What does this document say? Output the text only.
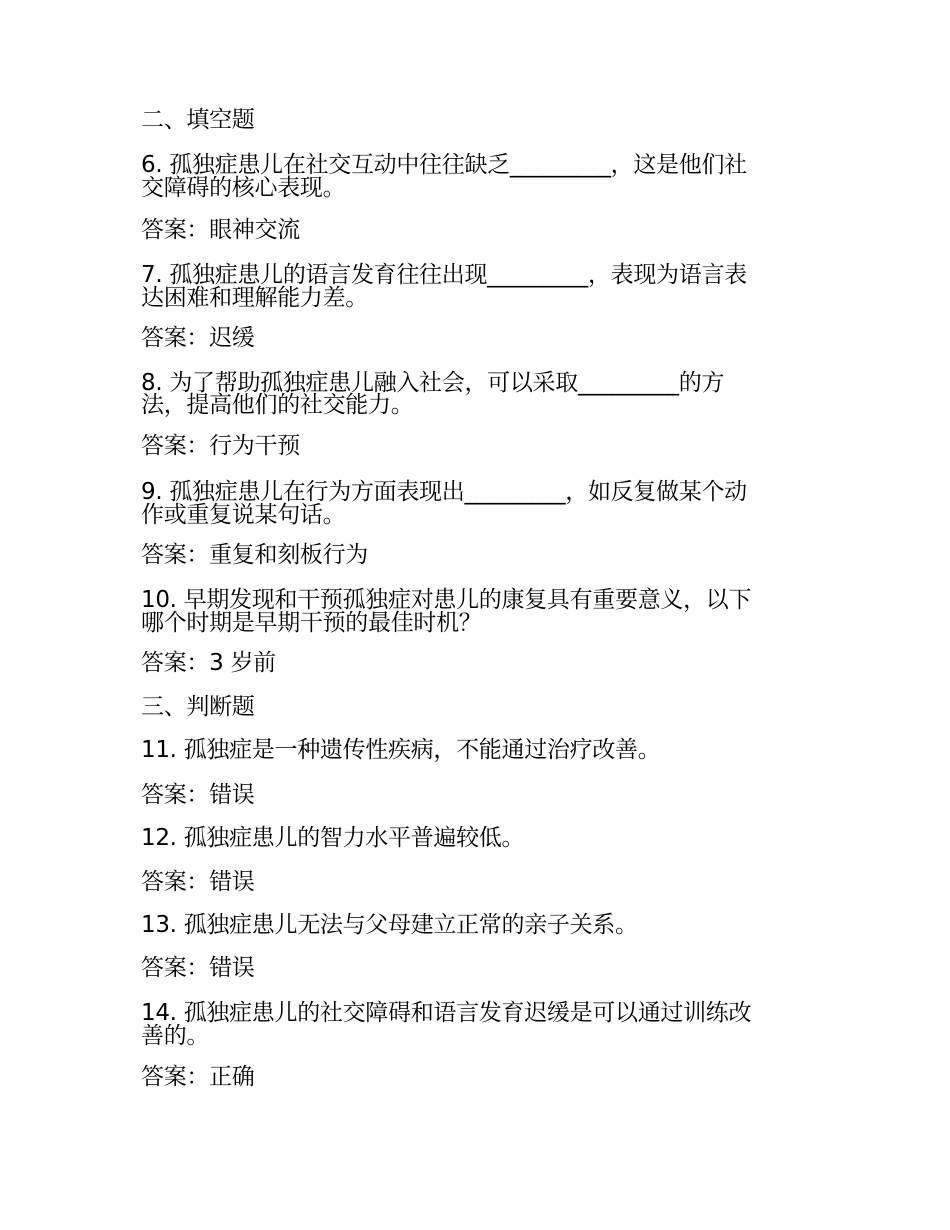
二、填空题
6. 孤独症患儿在社交互动中往往缺乏_________，这是他们社
交障碍的核心表现。
答案：眼神交流
7. 孤独症患儿的语言发育往往出现_________，表现为语言表
达困难和理解能力差。
答案：迟缓
8. 为了帮助孤独症患儿融入社会，可以采取_________的方
法，提高他们的社交能力。
答案：行为干预
9. 孤独症患儿在行为方面表现出_________，如反复做某个动
作或重复说某句话。
答案：重复和刻板行为
10. 早期发现和干预孤独症对患儿的康复具有重要意义，以下
哪个时期是早期干预的最佳时机？
答案：3 岁前
三、判断题
11. 孤独症是一种遗传性疾病，不能通过治疗改善。
答案：错误
12. 孤独症患儿的智力水平普遍较低。
答案：错误
13. 孤独症患儿无法与父母建立正常的亲子关系。
答案：错误
14. 孤独症患儿的社交障碍和语言发育迟缓是可以通过训练改
善的。
答案：正确
